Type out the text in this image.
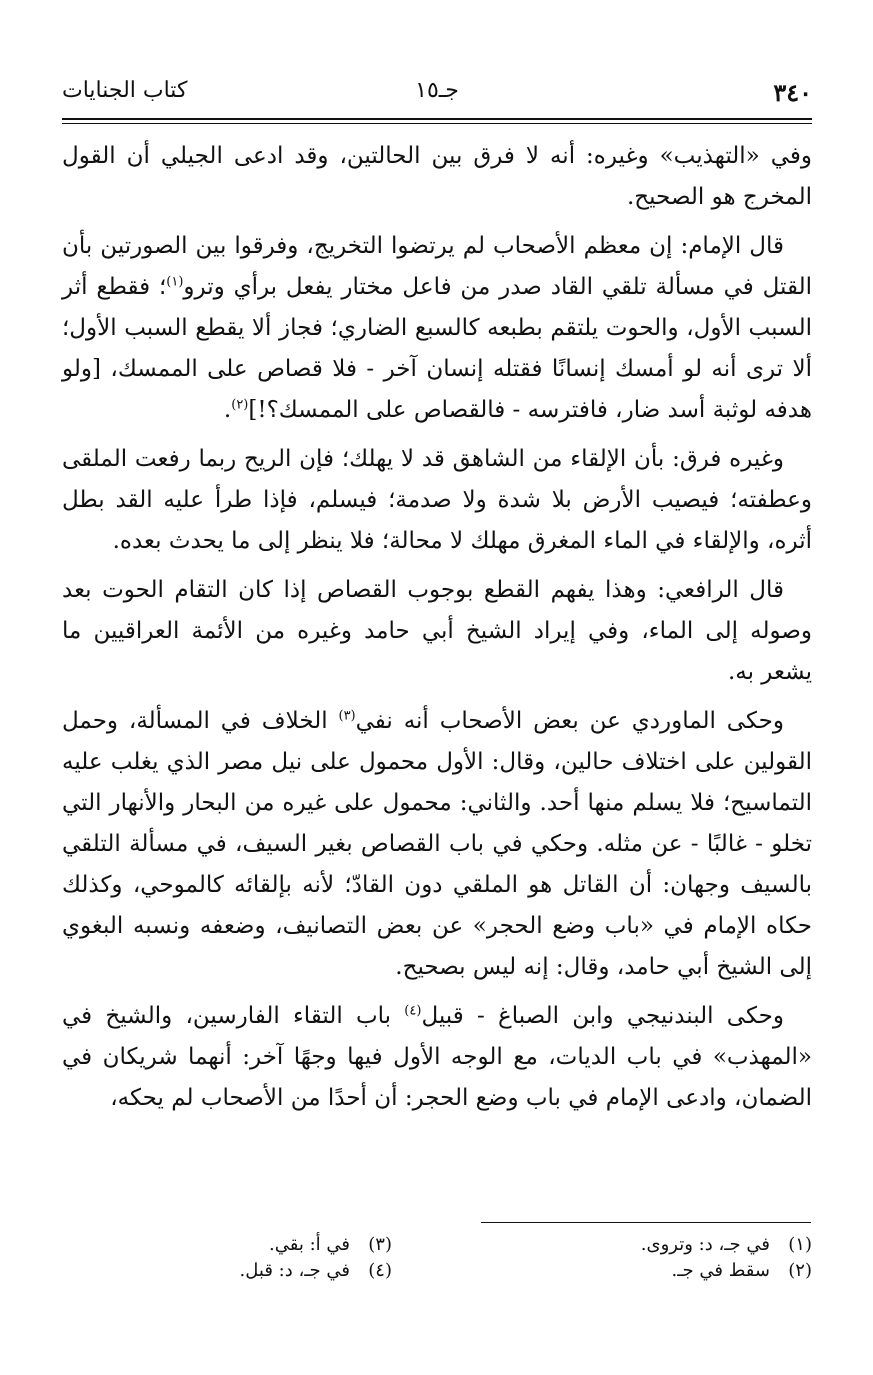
٣٤٠
جـ١٥
كتاب الجنايات

وفي «التهذيب» وغيره: أنه لا فرق بين الحالتين، وقد ادعى الجيلي أن القول المخرج هو الصحيح.

قال الإمام: إن معظم الأصحاب لم يرتضوا التخريج، وفرقوا بين الصورتين بأن القتل في مسألة تلقي القاد صدر من فاعل مختار يفعل برأي وترو$^{(١)}$؛ فقطع أثر السبب الأول، والحوت يلتقم بطبعه كالسبع الضاري؛ فجاز ألا يقطع السبب الأول؛ ألا ترى أنه لو أمسك إنسانًا فقتله إنسان آخر - فلا قصاص على الممسك، [ولو هدفه لوثبة أسد ضار، فافترسه - فالقصاص على الممسك؟!]$^{(٢)}$.

وغيره فرق: بأن الإلقاء من الشاهق قد لا يهلك؛ فإن الريح ربما رفعت الملقى وعطفته؛ فيصيب الأرض بلا شدة ولا صدمة؛ فيسلم، فإذا طرأ عليه القد بطل أثره، والإلقاء في الماء المغرق مهلك لا محالة؛ فلا ينظر إلى ما يحدث بعده.

قال الرافعي: وهذا يفهم القطع بوجوب القصاص إذا كان التقام الحوت بعد وصوله إلى الماء، وفي إيراد الشيخ أبي حامد وغيره من الأئمة العراقيين ما يشعر به.

وحكى الماوردي عن بعض الأصحاب أنه نفي$^{(٣)}$ الخلاف في المسألة، وحمل القولين على اختلاف حالين، وقال: الأول محمول على نيل مصر الذي يغلب عليه التماسيح؛ فلا يسلم منها أحد. والثاني: محمول على غيره من البحار والأنهار التي تخلو - غالبًا - عن مثله. وحكي في باب القصاص بغير السيف، في مسألة التلقي بالسيف وجهان: أن القاتل هو الملقي دون القادّ؛ لأنه بإلقائه كالموحي، وكذلك حكاه الإمام في «باب وضع الحجر» عن بعض التصانيف، وضعفه ونسبه البغوي إلى الشيخ أبي حامد، وقال: إنه ليس بصحيح.

وحكى البندنيجي وابن الصباغ - قبيل$^{(٤)}$ باب التقاء الفارسين، والشيخ في «المهذب» في باب الديات، مع الوجه الأول فيها وجهًا آخر: أنهما شريكان في الضمان، وادعى الإمام في باب وضع الحجر: أن أحدًا من الأصحاب لم يحكه،

(١)في جـ، د: وتروى.
(٢)سقط في جـ.
(٣)في أ: بقي.
(٤)في جـ، د: قبل.
